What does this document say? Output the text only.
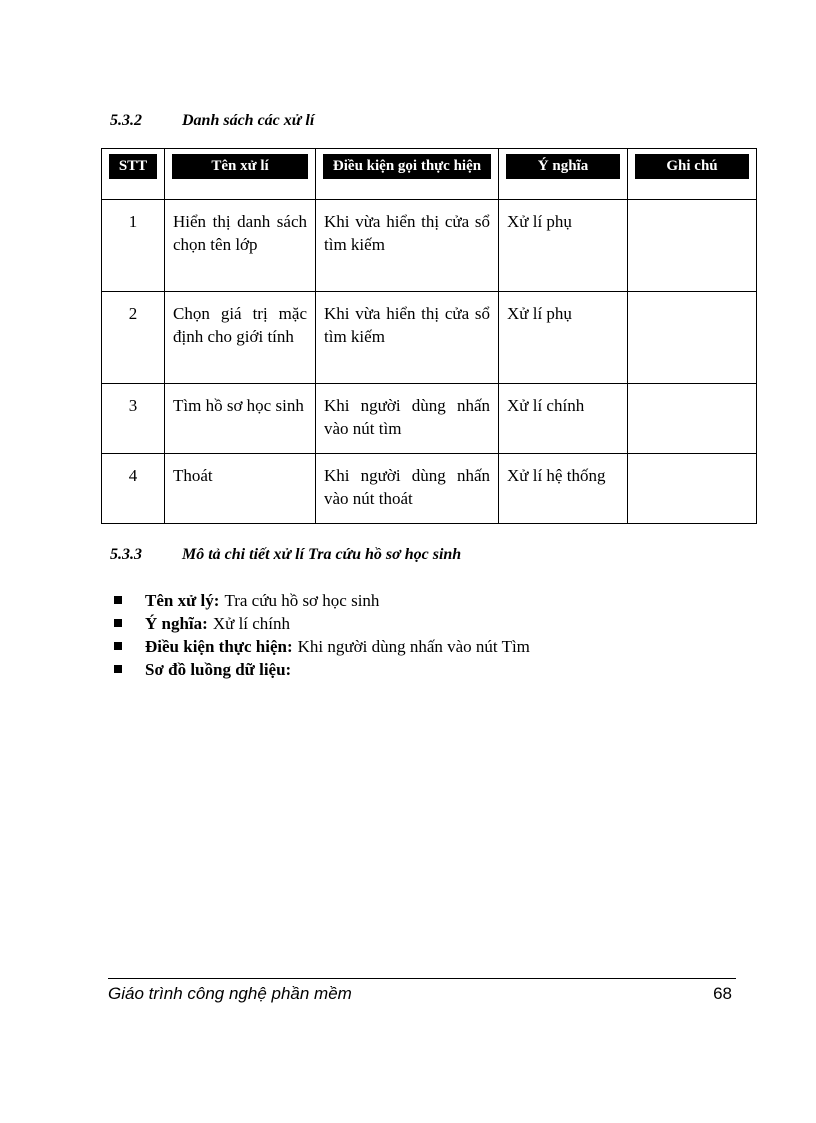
5.3.2	Danh sách các xử lí
STT	Tên xử lí	Điều kiện gọi thực hiện	Ý nghĩa	Ghi chú

1	Hiển thị danh sách chọn tên lớp	Khi vừa hiển thị cửa sổ tìm kiếm	Xử lí phụ	
2	Chọn giá trị mặc định cho giới tính	Khi vừa hiển thị cửa sổ tìm kiếm	Xử lí phụ	
3	Tìm hồ sơ học sinh	Khi người dùng nhấn vào nút tìm	Xử lí chính	
4	Thoát	Khi người dùng nhấn vào nút thoát	Xử lí hệ thống	
5.3.3	Mô tả chi tiết xử lí Tra cứu hồ sơ học sinh
Tên xử lý: Tra cứu hồ sơ học sinh
Ý nghĩa: Xử lí chính
Điều kiện thực hiện: Khi người dùng nhấn vào nút Tìm
Sơ đồ luồng dữ liệu:
Giáo trình công nghệ phần mềm	68
